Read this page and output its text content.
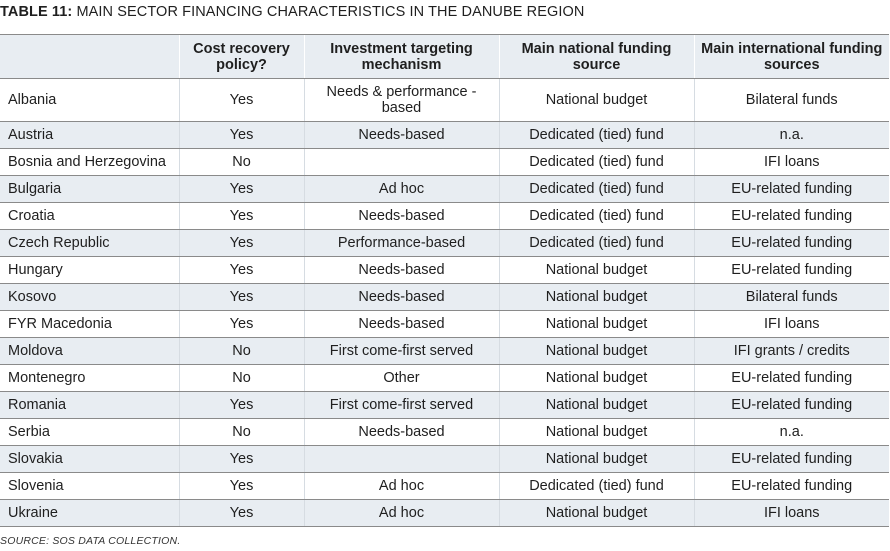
TABLE 11: MAIN SECTOR FINANCING CHARACTERISTICS IN THE DANUBE REGION
	Cost recovery policy?	Investment targeting mechanism	Main national funding source	Main international funding sources
Albania	Yes	Needs & performance -based	National budget	Bilateral funds
Austria	Yes	Needs-based	Dedicated (tied) fund	n.a.
Bosnia and Herzegovina	No		Dedicated (tied) fund	IFI loans
Bulgaria	Yes	Ad hoc	Dedicated (tied) fund	EU-related funding
Croatia	Yes	Needs-based	Dedicated (tied) fund	EU-related funding
Czech Republic	Yes	Performance-based	Dedicated (tied) fund	EU-related funding
Hungary	Yes	Needs-based	National budget	EU-related funding
Kosovo	Yes	Needs-based	National budget	Bilateral funds
FYR Macedonia	Yes	Needs-based	National budget	IFI loans
Moldova	No	First come-first served	National budget	IFI grants / credits
Montenegro	No	Other	National budget	EU-related funding
Romania	Yes	First come-first served	National budget	EU-related funding
Serbia	No	Needs-based	National budget	n.a.
Slovakia	Yes		National budget	EU-related funding
Slovenia	Yes	Ad hoc	Dedicated (tied) fund	EU-related funding
Ukraine	Yes	Ad hoc	National budget	IFI loans
SOURCE: SOS DATA COLLECTION.
